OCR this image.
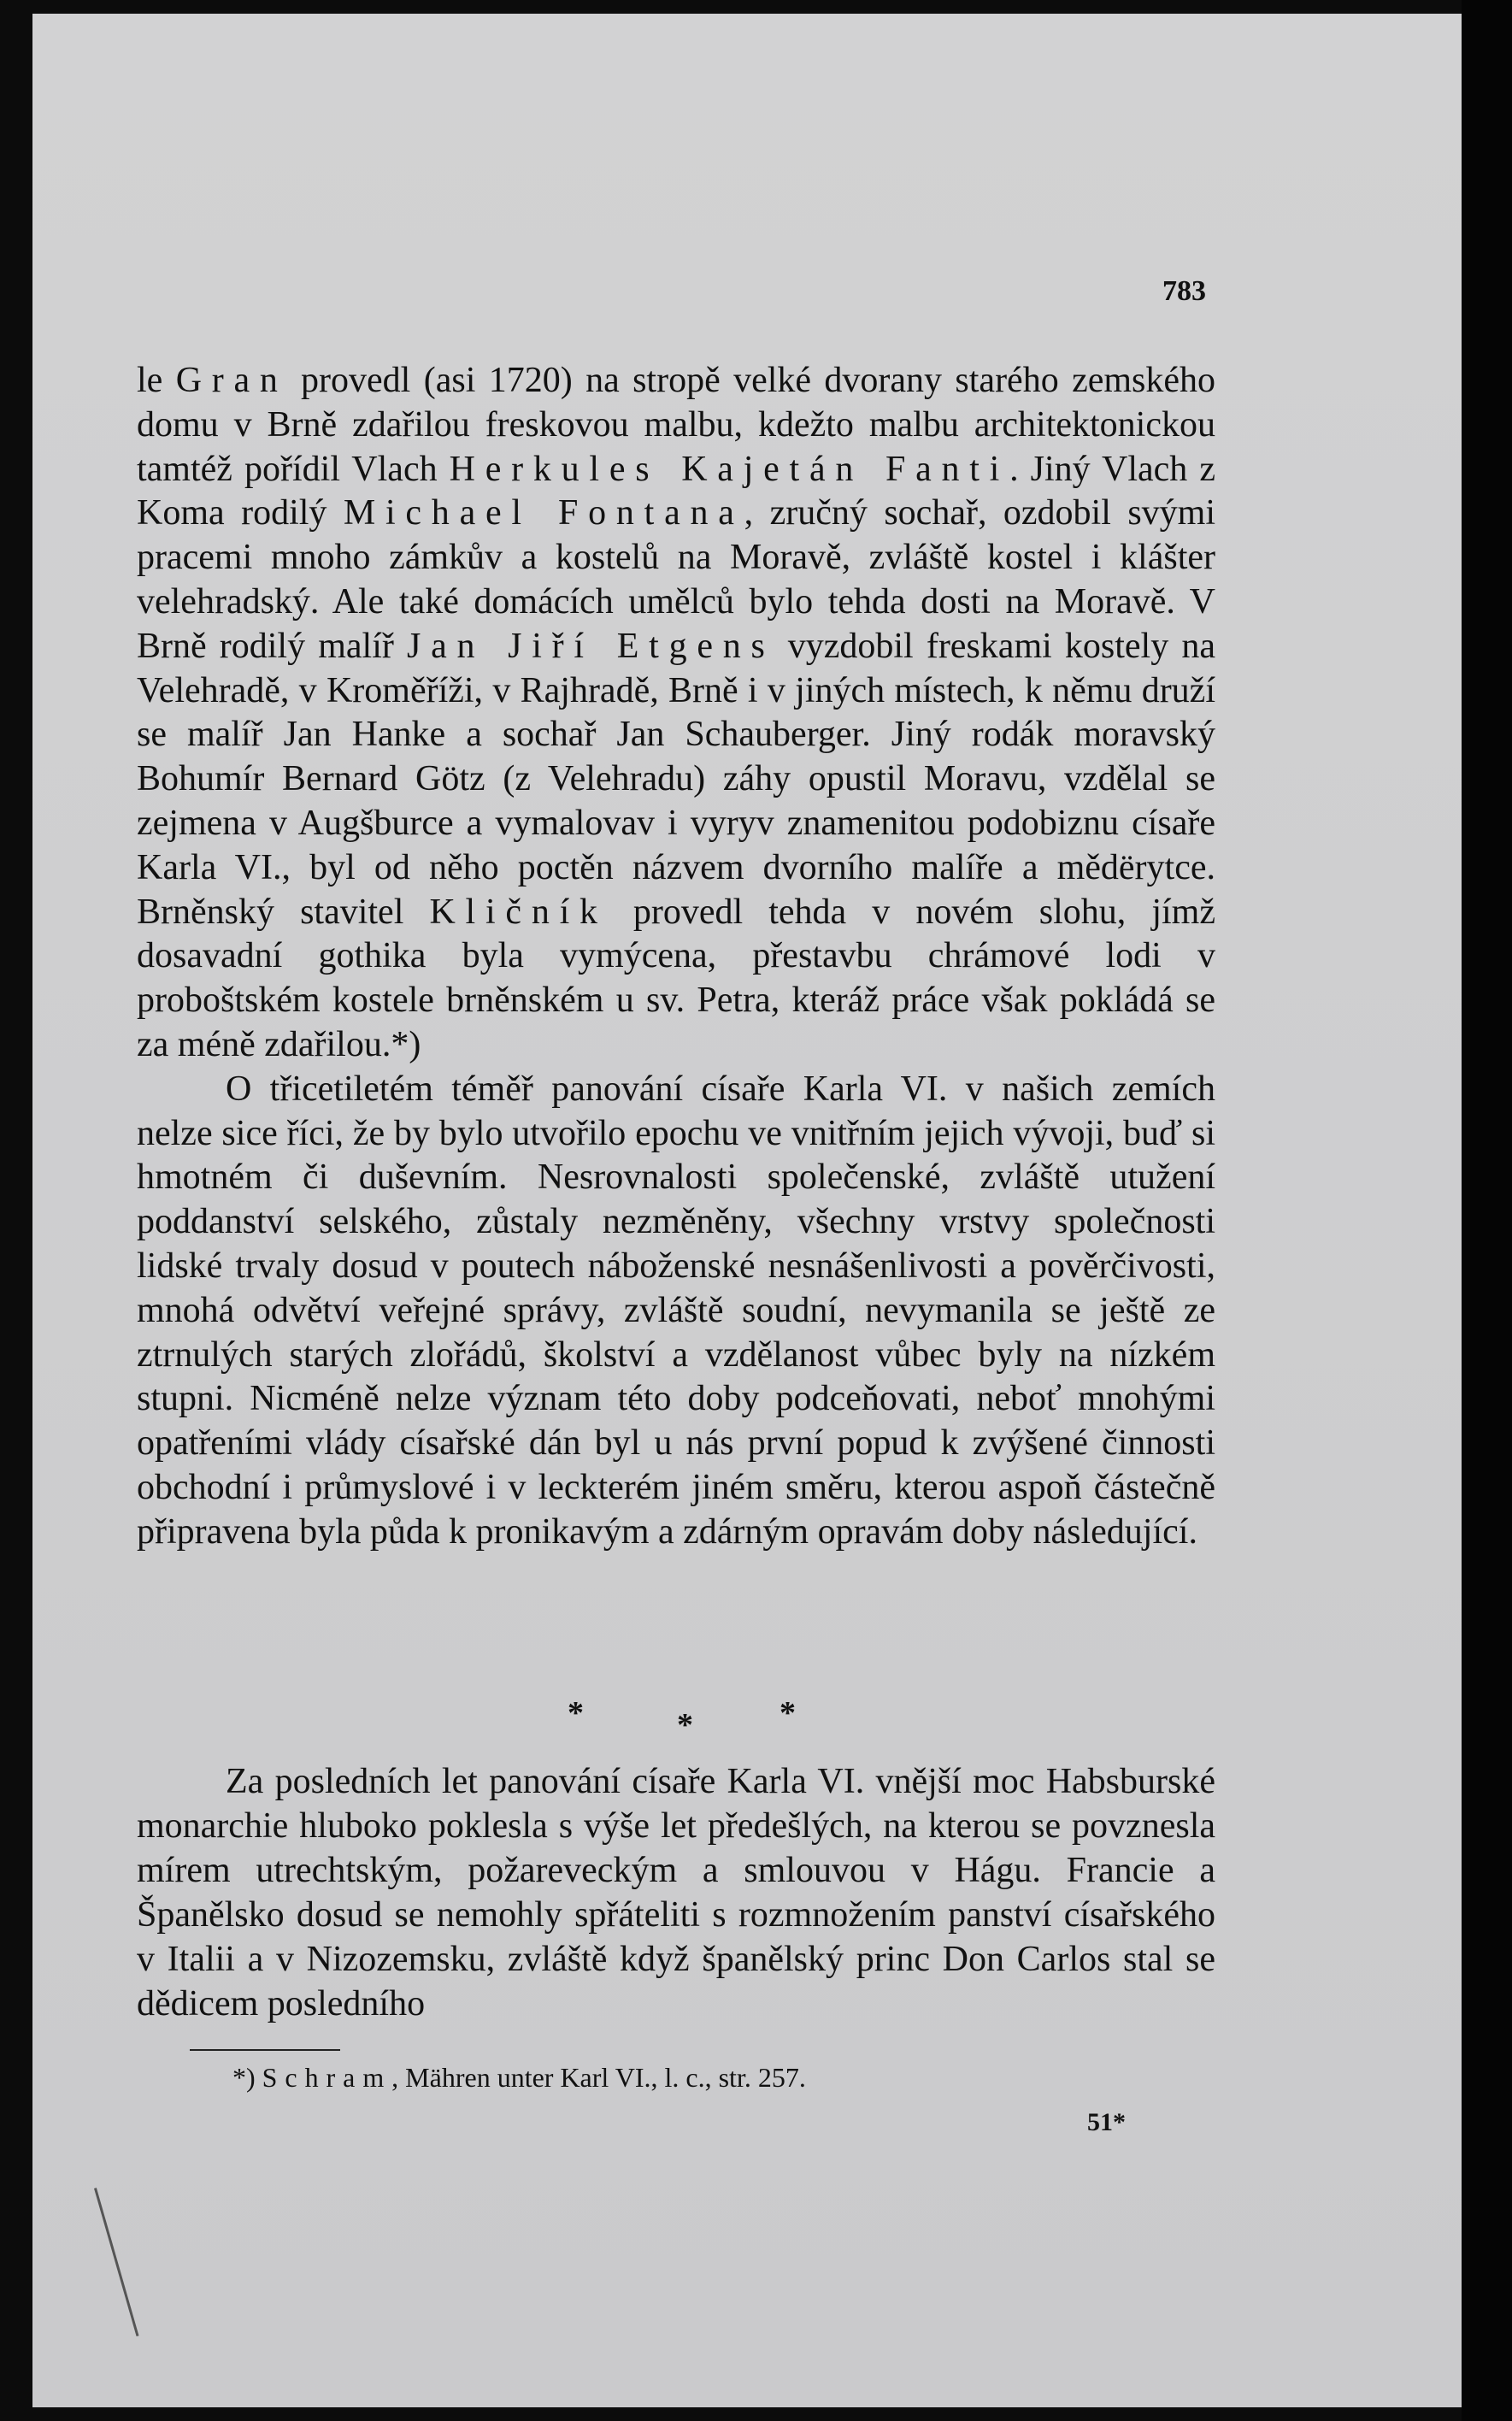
783

le Gran provedl (asi 1720) na stropě velké dvorany starého zemského domu v Brně zdařilou freskovou malbu, kdežto malbu architektonickou tamtéž pořídil Vlach Herkules Kajetán Fanti. Jiný Vlach z Koma rodilý Michael Fontana, zručný sochař, ozdobil svými pracemi mnoho zámkův a kostelů na Moravě, zvláště kostel i klášter velehradský. Ale také domácích umělců bylo tehda dosti na Moravě. V Brně rodilý malíř Jan Jiří Etgens vyzdobil freskami kostely na Velehradě, v Kroměříži, v Rajhradě, Brně i v jiných místech, k němu druží se malíř Jan Hanke a sochař Jan Schauberger. Jiný rodák moravský Bohumír Bernard Götz (z Velehradu) záhy opustil Moravu, vzdělal se zejmena v Augšburce a vymalovav i vyryv znamenitou podobiznu císaře Karla VI., byl od něho poctěn názvem dvorního malíře a mědërytce. Brněnský stavitel Kličník provedl tehda v novém slohu, jímž dosavadní gothika byla vymýcena, přestavbu chrámové lodi v proboštském kostele brněnském u sv. Petra, kteráž práce však pokládá se za méně zdařilou.*)

O třicetiletém téměř panování císaře Karla VI. v našich zemích nelze sice říci, že by bylo utvořilo epochu ve vnitřním jejich vývoji, buď si hmotném či duševním. Nesrovnalosti společenské, zvláště utužení poddanství selského, zůstaly nezměněny, všechny vrstvy společnosti lidské trvaly dosud v poutech náboženské nesnášenlivosti a pověrčivosti, mnohá odvětví veřejné správy, zvláště soudní, nevymanila se ještě ze ztrnulých starých zlořádů, školství a vzdělanost vůbec byly na nízkém stupni. Nicméně nelze význam této doby podceňovati, neboť mnohými opatřeními vlády císařské dán byl u nás první popud k zvýšené činnosti obchodní i průmyslové i v leckterém jiném směru, kterou aspoň částečně připravena byla půda k pronikavým a zdárným opravám doby následující.

*	*	*

Za posledních let panování císaře Karla VI. vnější moc Habsburské monarchie hluboko poklesla s výše let předešlých, na kterou se povznesla mírem utrechtským, požareveckým a smlouvou v Hágu. Francie a Španělsko dosud se nemohly spřáteliti s rozmnožením panství císařského v Italii a v Nizozemsku, zvláště když španělský princ Don Carlos stal se dědicem posledního

*) Schram, Mähren unter Karl VI., l. c., str. 257.
51*
